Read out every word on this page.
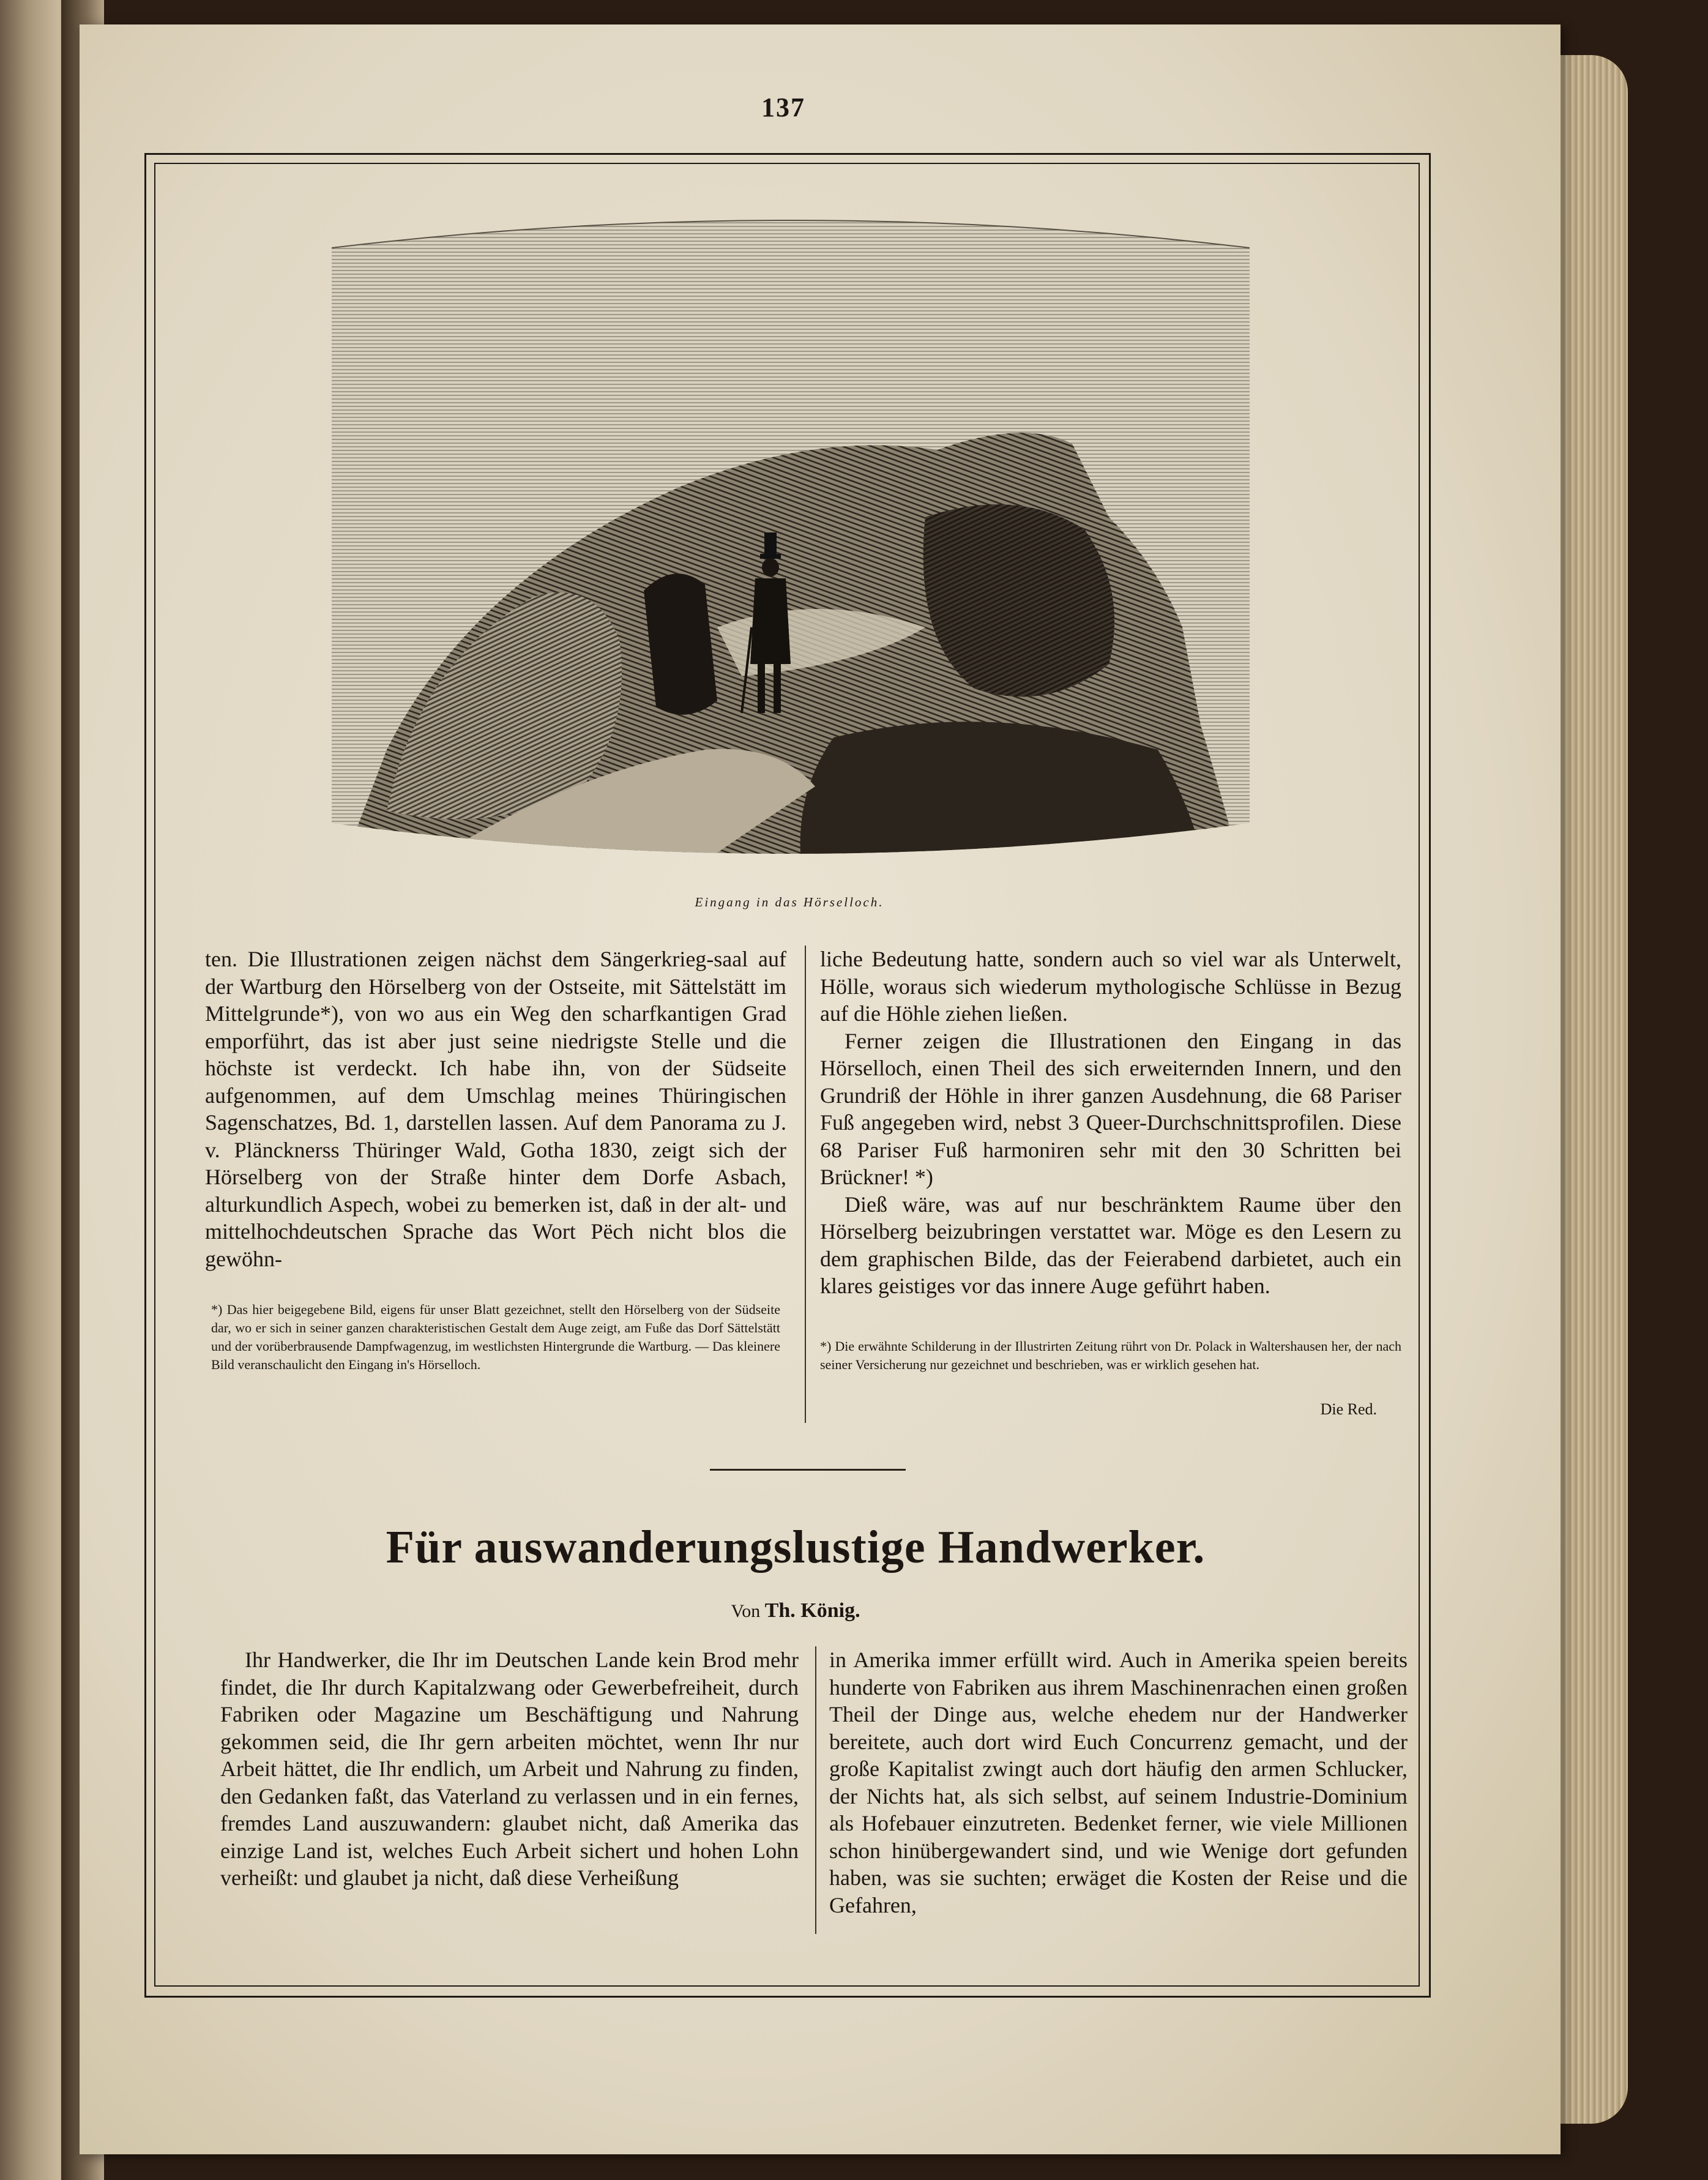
137
Eingang in das Hörselloch.

ten. Die Illustrationen zeigen nächst dem Sängerkrieg-saal auf der Wartburg den Hörselberg von der Ostseite, mit Sättelstätt im Mittelgrunde*), von wo aus ein Weg den scharfkantigen Grad emporführt, das ist aber just seine niedrigste Stelle und die höchste ist verdeckt. Ich habe ihn, von der Südseite aufgenommen, auf dem Umschlag meines Thüringischen Sagenschatzes, Bd. 1, darstellen lassen. Auf dem Panorama zu J. v. Pläncknerss Thüringer Wald, Gotha 1830, zeigt sich der Hörselberg von der Straße hinter dem Dorfe Asbach, alturkundlich Aspech, wobei zu bemerken ist, daß in der alt- und mittelhochdeutschen Sprache das Wort Pëch nicht blos die gewöhn-

liche Bedeutung hatte, sondern auch so viel war als Unterwelt, Hölle, woraus sich wiederum mythologische Schlüsse in Bezug auf die Höhle ziehen ließen.

Ferner zeigen die Illustrationen den Eingang in das Hörselloch, einen Theil des sich erweiternden Innern, und den Grundriß der Höhle in ihrer ganzen Ausdehnung, die 68 Pariser Fuß angegeben wird, nebst 3 Queer-Durchschnittsprofilen. Diese 68 Pariser Fuß harmoniren sehr mit den 30 Schritten bei Brückner! *)

Dieß wäre, was auf nur beschränktem Raume über den Hörselberg beizubringen verstattet war. Möge es den Lesern zu dem graphischen Bilde, das der Feierabend darbietet, auch ein klares geistiges vor das innere Auge geführt haben.

*) Das hier beigegebene Bild, eigens für unser Blatt gezeichnet, stellt den Hörselberg von der Südseite dar, wo er sich in seiner ganzen charakteristischen Gestalt dem Auge zeigt, am Fuße das Dorf Sättelstätt und der vorüberbrausende Dampfwagenzug, im westlichsten Hintergrunde die Wartburg. — Das kleinere Bild veranschaulicht den Eingang in's Hörselloch.
*) Die erwähnte Schilderung in der Illustrirten Zeitung rührt von Dr. Polack in Waltershausen her, der nach seiner Versicherung nur gezeichnet und beschrieben, was er wirklich gesehen hat.
Die Red.
Für auswanderungslustige Handwerker.
Von Th. König.

Ihr Handwerker, die Ihr im Deutschen Lande kein Brod mehr findet, die Ihr durch Kapitalzwang oder Gewerbefreiheit, durch Fabriken oder Magazine um Beschäftigung und Nahrung gekommen seid, die Ihr gern arbeiten möchtet, wenn Ihr nur Arbeit hättet, die Ihr endlich, um Arbeit und Nahrung zu finden, den Gedanken faßt, das Vaterland zu verlassen und in ein fernes, fremdes Land auszuwandern: glaubet nicht, daß Amerika das einzige Land ist, welches Euch Arbeit sichert und hohen Lohn verheißt: und glaubet ja nicht, daß diese Verheißung

in Amerika immer erfüllt wird. Auch in Amerika speien bereits hunderte von Fabriken aus ihrem Maschinenrachen einen großen Theil der Dinge aus, welche ehedem nur der Handwerker bereitete, auch dort wird Euch Concurrenz gemacht, und der große Kapitalist zwingt auch dort häufig den armen Schlucker, der Nichts hat, als sich selbst, auf seinem Industrie-Dominium als Hofebauer einzutreten. Bedenket ferner, wie viele Millionen schon hinübergewandert sind, und wie Wenige dort gefunden haben, was sie suchten; erwäget die Kosten der Reise und die Gefahren,
